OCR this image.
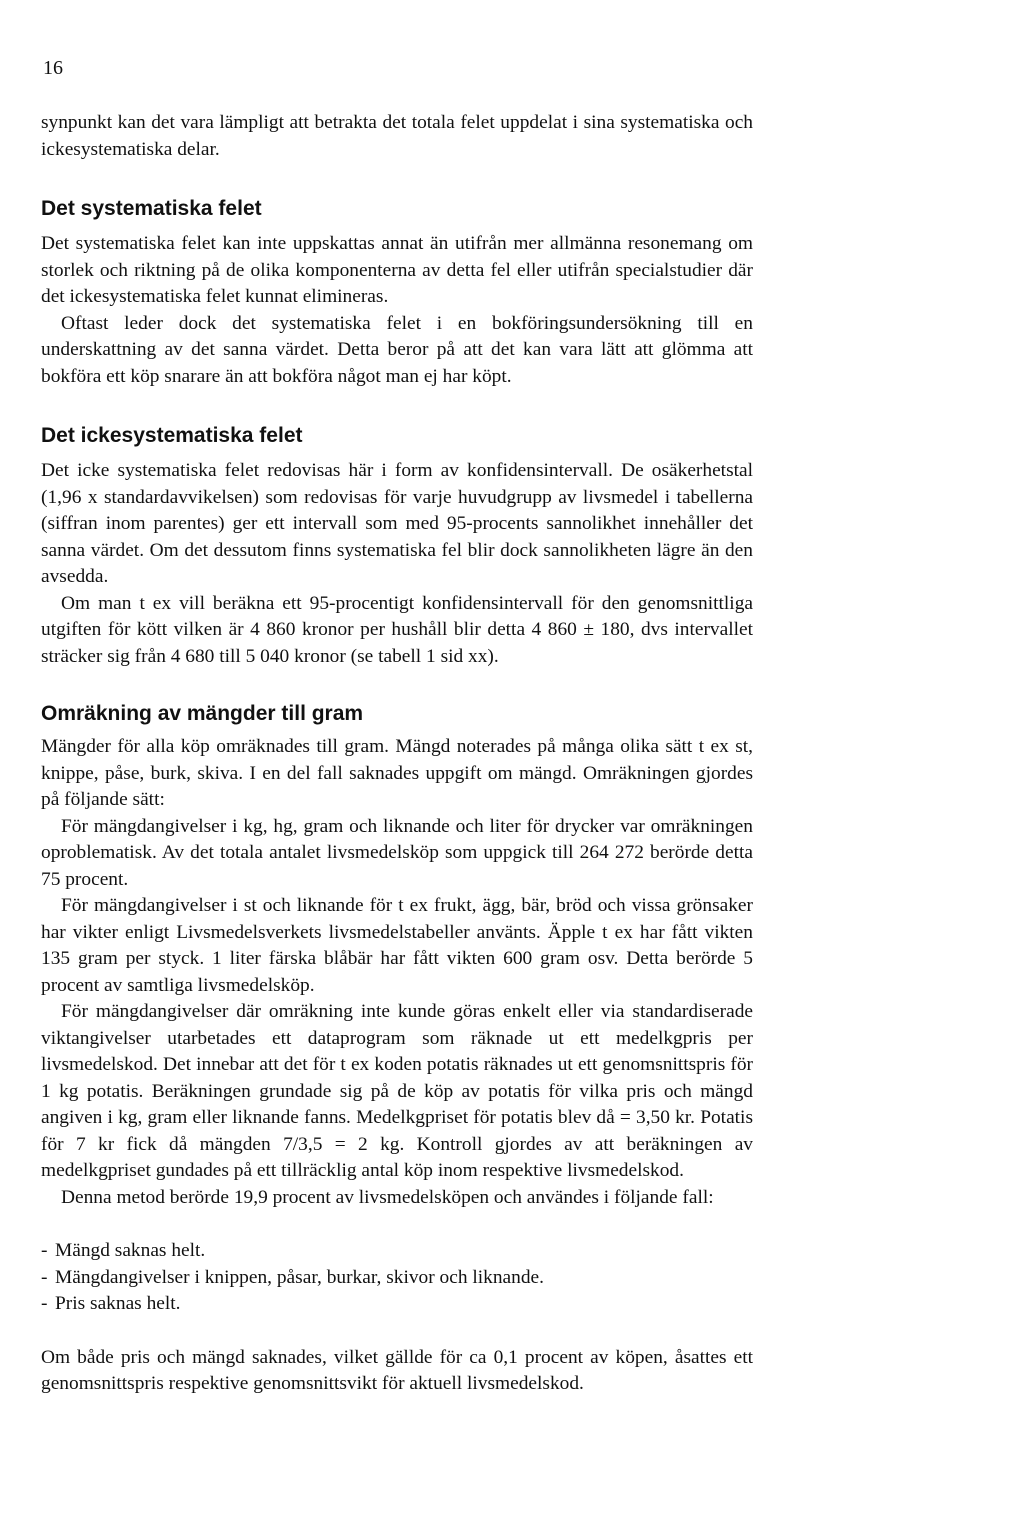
16

synpunkt kan det vara lämpligt att betrakta det totala felet uppdelat i sina systematiska och ickesystematiska delar.

Det systematiska felet

Det systematiska felet kan inte uppskattas annat än utifrån mer allmänna resonemang om storlek och riktning på de olika komponenterna av detta fel eller utifrån specialstudier där det ickesystematiska felet kunnat elimineras.

Oftast leder dock det systematiska felet i en bokföringsundersökning till en underskattning av det sanna värdet. Detta beror på att det kan vara lätt att glömma att bokföra ett köp snarare än att bokföra något man ej har köpt.

Det ickesystematiska felet

Det icke systematiska felet redovisas här i form av konfidensintervall. De osäkerhetstal (1,96 x standardavvikelsen) som redovisas för varje huvudgrupp av livsmedel i tabellerna (siffran inom parentes) ger ett intervall som med 95-procents sannolikhet innehåller det sanna värdet. Om det dessutom finns systematiska fel blir dock sannolikheten lägre än den avsedda.

Om man t ex vill beräkna ett 95-procentigt konfidensintervall för den genomsnittliga utgiften för kött vilken är 4 860 kronor per hushåll blir detta 4 860 ± 180, dvs intervallet sträcker sig från 4 680 till 5 040 kronor (se tabell 1 sid xx).

Omräkning av mängder till gram

Mängder för alla köp omräknades till gram. Mängd noterades på många olika sätt t ex st, knippe, påse, burk, skiva. I en del fall saknades uppgift om mängd. Omräkningen gjordes på följande sätt:

För mängdangivelser i kg, hg, gram och liknande och liter för drycker var omräkningen oproblematisk. Av det totala antalet livsmedelsköp som uppgick till 264 272 berörde detta 75 procent.

För mängdangivelser i st och liknande för t ex frukt, ägg, bär, bröd och vissa grönsaker har vikter enligt Livsmedelsverkets livsmedelstabeller använts. Äpple t ex har fått vikten 135 gram per styck. 1 liter färska blåbär har fått vikten 600 gram osv. Detta berörde 5 procent av samtliga livsmedelsköp.

För mängdangivelser där omräkning inte kunde göras enkelt eller via standardiserade viktangivelser utarbetades ett dataprogram som räknade ut ett medelkgpris per livsmedelskod. Det innebar att det för t ex koden potatis räknades ut ett genomsnittspris för 1 kg potatis. Beräkningen grundade sig på de köp av potatis för vilka pris och mängd angiven i kg, gram eller liknande fanns. Medelkgpriset för potatis blev då = 3,50 kr. Potatis för 7 kr fick då mängden 7/3,5 = 2 kg. Kontroll gjordes av att beräkningen av medelkgpriset gundades på ett tillräcklig antal köp inom respektive livsmedelskod.

Denna metod berörde 19,9 procent av livsmedelsköpen och användes i följande fall:

- Mängd saknas helt.
- Mängdangivelser i knippen, påsar, burkar, skivor och liknande.
- Pris saknas helt.

Om både pris och mängd saknades, vilket gällde för ca 0,1 procent av köpen, åsattes ett genomsnittspris respektive genomsnittsvikt för aktuell livsmedelskod.
